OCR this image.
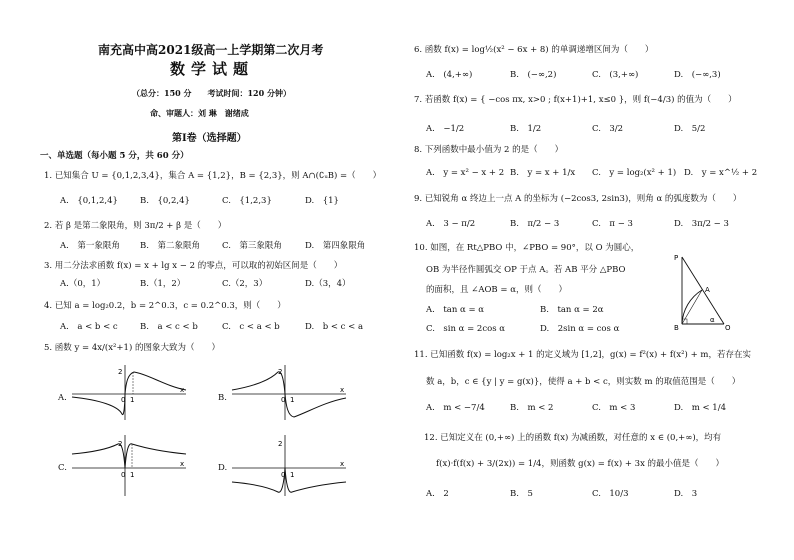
南充高中高2021级高一上学期第二次月考
数学试题
（总分：150 分　　考试时间：120 分钟）
命、审题人：刘 琳　谢绪成
第Ⅰ卷（选择题）
一、单选题（每小题 5 分，共 60 分）
1. 已知集合 U = {0,1,2,3,4}，集合 A = {1,2}，B = {2,3}，则 A∩(∁ᵤB) =（　　）
A.　{0,1,2,4}	B.　{0,2,4}	C.　{1,2,3}	D.　{1}
2. 若 β 是第二象限角，则 3π/2 + β 是（　　）
A.　第一象限角 B.　第二象限角	C.　第三象限角	D.　第四象限角
3. 用二分法求函数 f(x) = x + lg x − 2 的零点，可以取的初始区间是（　　）
A.（0，1）	B.（1，2）	C.（2，3）	D.（3，4）
4. 已知 a = log₂0.2，b = 2^0.3，c = 0.2^0.3，则（　　）
A.　a < b < c	B.　a < c < b	C.　c < a < b	D.　b < c < a
5. 函数 y = 4x/(x²+1) 的图象大致为（　　）
A.	B.
C.	D.
2
0 1
x
2
0 1
x
2
0 1
x
2
0 1
x
6. 函数 f(x) = log½(x² − 6x + 8) 的单调递增区间为（　　）
A.　(4,+∞)	B.　(−∞,2)	C.　(3,+∞)	D.　(−∞,3)
7. 若函数 f(x) = { −cos πx, x>0 ; f(x+1)+1, x≤0 }，则 f(−4/3) 的值为（　　）
A.　−1/2	B.　1/2	C.　3/2	D.　5/2
8. 下列函数中最小值为 2 的是（　　）
A.　y = x² − x + 2 B.　y = x + 1/x C.　y = log₂(x² + 1) D.　y = x^½ + 2
9. 已知锐角 α 终边上一点 A 的坐标为 (−2cos3, 2sin3)，则角 α 的弧度数为（　　）
A.　3 − π/2	B.　π/2 − 3	C.　π − 3	D.　3π/2 − 3
10. 如图，在 Rt△PBO 中，∠PBO = 90°，以 O 为圆心，
OB 为半径作圆弧交 OP 于点 A。若 AB 平分 △PBO
的面积，且 ∠AOB = α，则（　　）
A.　tan α = α	B.　tan α = 2α
C.　sin α = 2cos α	D.　2sin α = cos α
P
A
B
α
O
11. 已知函数 f(x) = log₂x + 1 的定义域为 [1,2]，g(x) = f²(x) + f(x²) + m，若存在实
数 a，b，c ∈ {y | y = g(x)}，使得 a + b < c，则实数 m 的取值范围是（　　）
A.　m < −7/4	B.　m < 2	C.　m < 3	D.　m < 1/4
12. 已知定义在 (0,+∞) 上的函数 f(x) 为减函数，对任意的 x ∈ (0,+∞)，均有
f(x)·f(f(x) + 3/(2x)) = 1/4，则函数 g(x) = f(x) + 3x 的最小值是（　　）
A.　2	B.　5	C.　10/3	D.　3
